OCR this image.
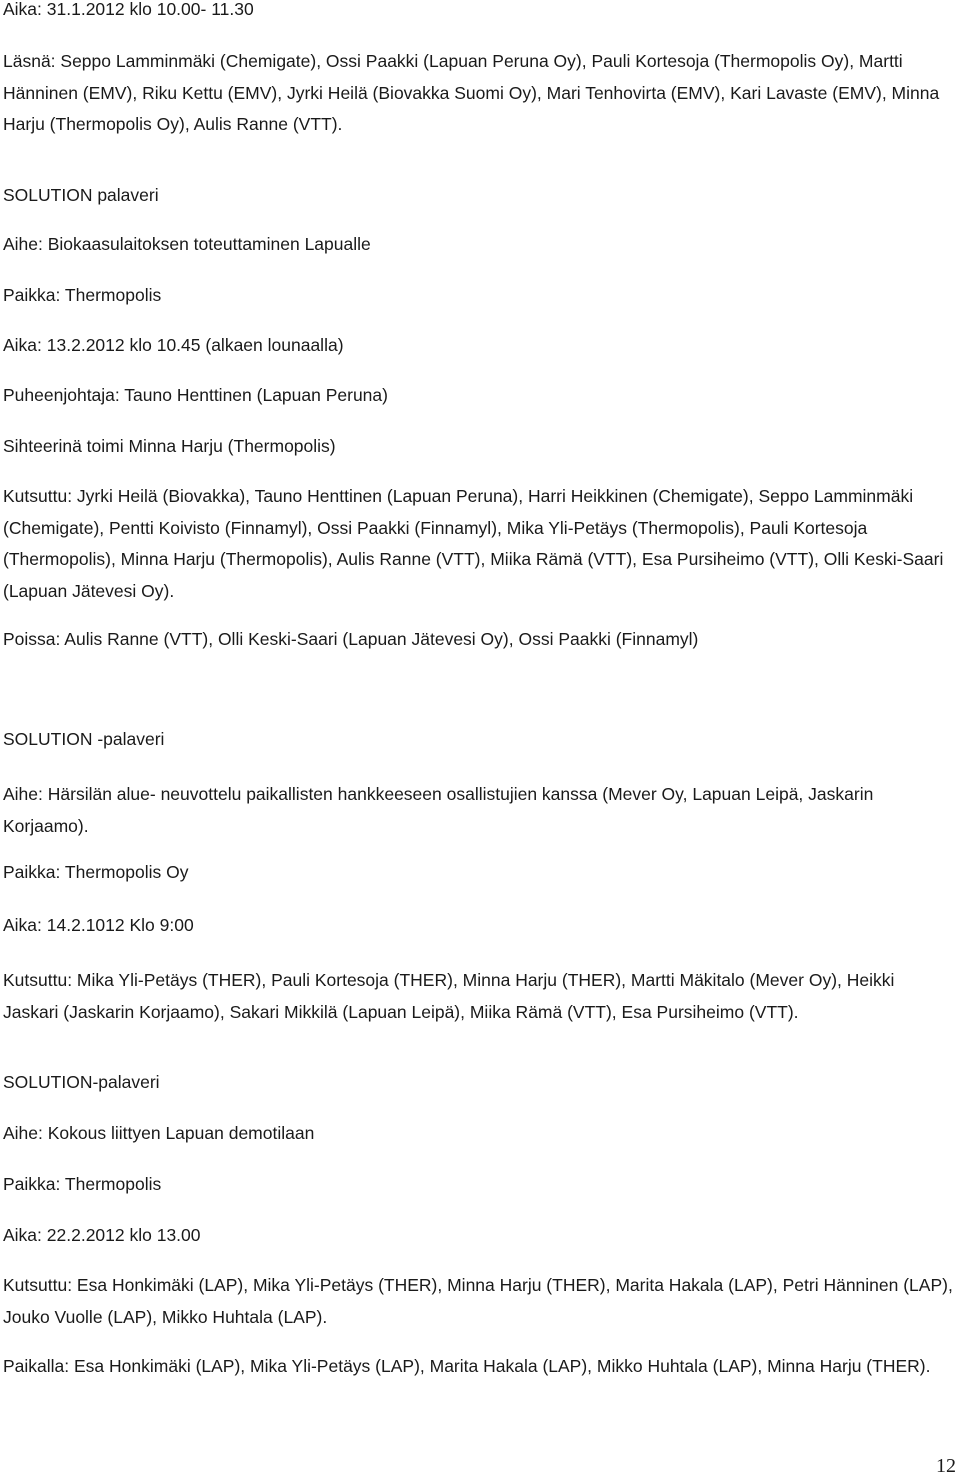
Aika: 31.1.2012 klo 10.00- 11.30
Läsnä: Seppo Lamminmäki (Chemigate), Ossi Paakki (Lapuan Peruna Oy), Pauli Kortesoja (Thermopolis Oy), Martti Hänninen (EMV), Riku Kettu (EMV), Jyrki Heilä (Biovakka Suomi Oy), Mari Tenhovirta (EMV), Kari Lavaste (EMV), Minna Harju (Thermopolis Oy), Aulis Ranne (VTT).
SOLUTION palaveri
Aihe: Biokaasulaitoksen toteuttaminen Lapualle
Paikka: Thermopolis
Aika: 13.2.2012 klo 10.45 (alkaen lounaalla)
Puheenjohtaja: Tauno Henttinen (Lapuan Peruna)
Sihteerinä toimi Minna Harju (Thermopolis)
Kutsuttu: Jyrki Heilä (Biovakka), Tauno Henttinen (Lapuan Peruna), Harri Heikkinen (Chemigate), Seppo Lamminmäki (Chemigate), Pentti Koivisto (Finnamyl), Ossi Paakki (Finnamyl), Mika Yli-Petäys (Thermopolis), Pauli Kortesoja (Thermopolis), Minna Harju (Thermopolis), Aulis Ranne (VTT), Miika Rämä (VTT), Esa Pursiheimo (VTT), Olli Keski-Saari (Lapuan Jätevesi Oy).
Poissa: Aulis Ranne (VTT), Olli Keski-Saari (Lapuan Jätevesi Oy), Ossi Paakki (Finnamyl)
SOLUTION -palaveri
Aihe: Härsilän alue- neuvottelu paikallisten hankkeeseen osallistujien kanssa (Mever Oy, Lapuan Leipä, Jaskarin Korjaamo).
Paikka: Thermopolis Oy
Aika: 14.2.1012 Klo 9:00
Kutsuttu: Mika Yli-Petäys (THER), Pauli Kortesoja (THER), Minna Harju (THER), Martti Mäkitalo (Mever Oy), Heikki Jaskari (Jaskarin Korjaamo), Sakari Mikkilä (Lapuan Leipä), Miika Rämä (VTT), Esa Pursiheimo (VTT).
SOLUTION-palaveri
Aihe: Kokous liittyen Lapuan demotilaan
Paikka: Thermopolis
Aika: 22.2.2012 klo 13.00
Kutsuttu: Esa Honkimäki (LAP), Mika Yli-Petäys (THER), Minna Harju (THER), Marita Hakala (LAP), Petri Hänninen (LAP), Jouko Vuolle (LAP), Mikko Huhtala (LAP).
Paikalla: Esa Honkimäki (LAP), Mika Yli-Petäys (LAP), Marita Hakala (LAP), Mikko Huhtala (LAP), Minna Harju (THER).
12
